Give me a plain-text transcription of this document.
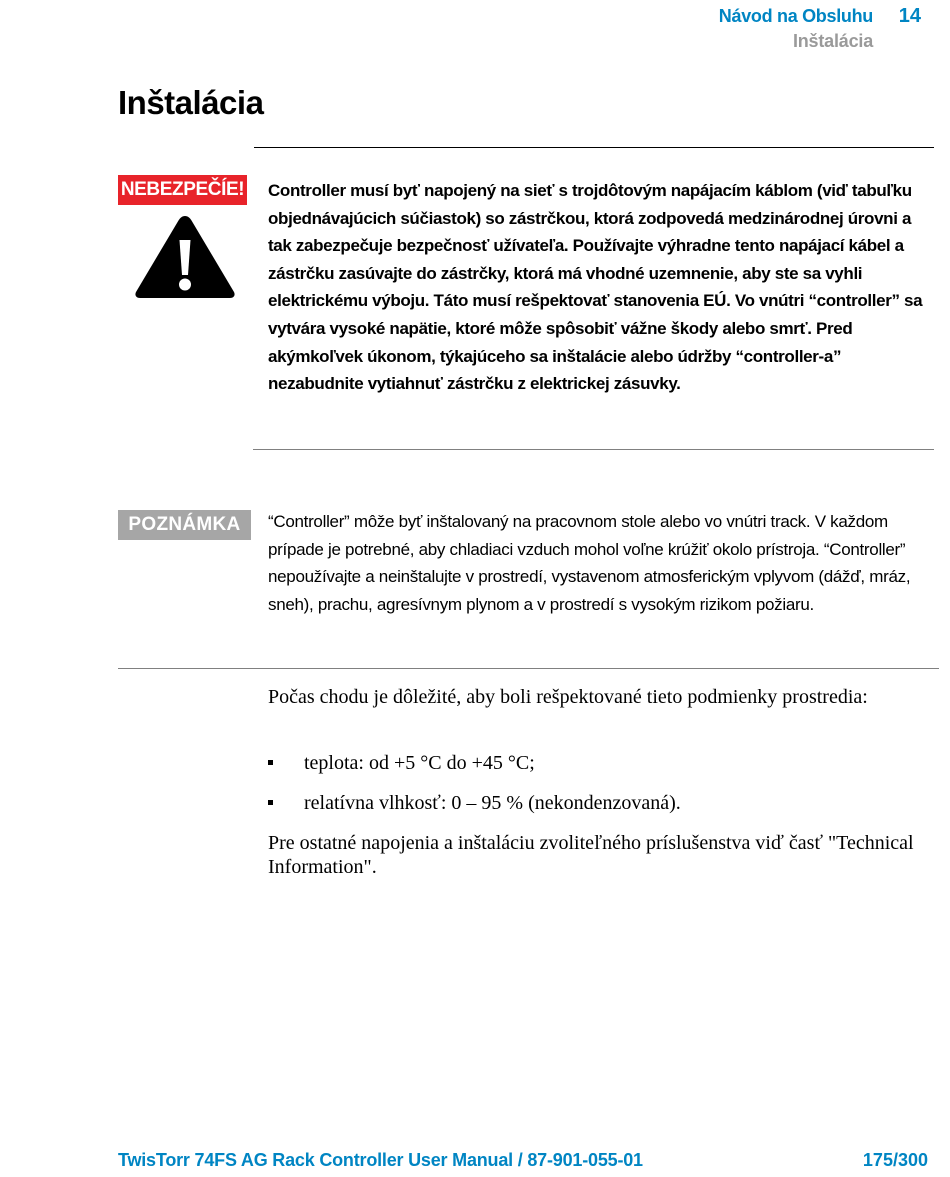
Návod na Obsluhu 14
Inštalácia
Inštalácia
NEBEZPEČÍE! Controller musí byť napojený na sieť s trojdôtovým napájacím káblom (viď tabuľku objednávajúcich súčiastok) so zástrčkou, ktorá zodpovedá medzinárodnej úrovni a tak zabezpečuje bezpečnosť užívateľa. Používajte výhradne tento napájací kábel a zástrčku zasúvajte do zástrčky, ktorá má vhodné uzemnenie, aby ste sa vyhli elektrickému výboju. Táto musí rešpektovať stanovenia EÚ. Vo vnútri “controller” sa vytvára vysoké napätie, ktoré môže spôsobiť vážne škody alebo smrť. Pred akýmkoľvek úkonom, týkajúceho sa inštalácie alebo údržby “controller-a” nezabudnite vytiahnuť zástrčku z elektrickej zásuvky.

POZNÁMKA	“Controller” môže byť inštalovaný na pracovnom stole alebo vo vnútri track. V každom prípade je potrebné, aby chladiaci vzduch mohol voľne krúžiť okolo prístroja. “Controller” nepoužívajte a neinštalujte v prostredí, vystavenom atmosferickým vplyvom (dážď, mráz, sneh), prachu, agresívnym plynom a v prostredí s vysokým rizikom požiaru.

Počas chodu je dôležité, aby boli rešpektované tieto podmienky prostredia:

teplota: od +5 °C do +45 °C;
relatívna vlhkosť: 0 – 95 % (nekondenzovaná).

Pre ostatné napojenia a inštaláciu zvoliteľného príslušenstva viď časť "Technical Information".

TwisTorr 74FS AG Rack Controller User Manual / 87-901-055-01	175/300
